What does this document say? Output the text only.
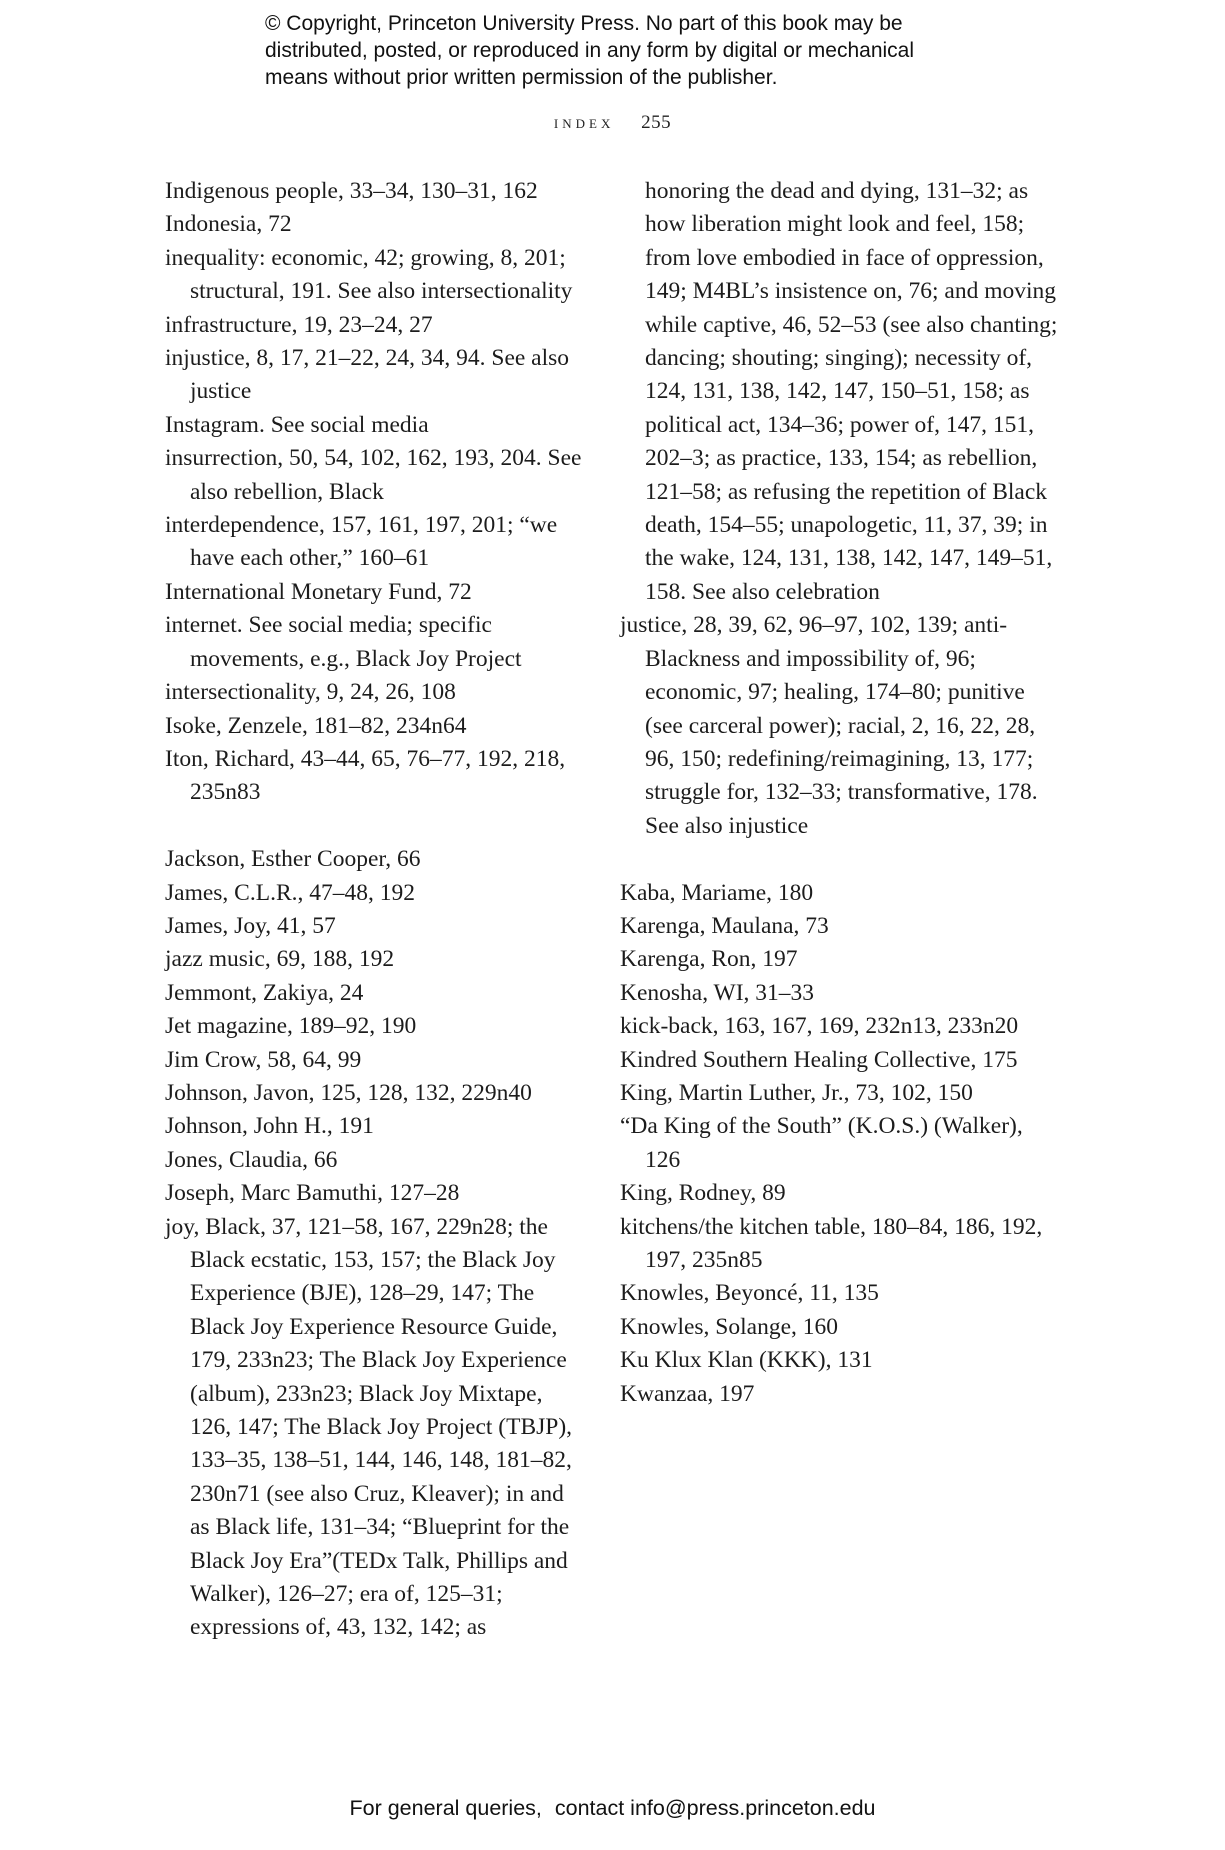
© Copyright, Princeton University Press. No part of this book may be
distributed, posted, or reproduced in any form by digital or mechanical
means without prior written permission of the publisher.
index 255
Indigenous people, 33–34, 130–31, 162
Indonesia, 72
inequality: economic, 42; growing, 8, 201; structural, 191. See also intersectionality
infrastructure, 19, 23–24, 27
injustice, 8, 17, 21–22, 24, 34, 94. See also justice
Instagram. See social media
insurrection, 50, 54, 102, 162, 193, 204. See also rebellion, Black
interdependence, 157, 161, 197, 201; “we have each other,” 160–61
International Monetary Fund, 72
internet. See social media; specific movements, e.g., Black Joy Project
intersectionality, 9, 24, 26, 108
Isoke, Zenzele, 181–82, 234n64
Iton, Richard, 43–44, 65, 76–77, 192, 218, 235n83
Jackson, Esther Cooper, 66
James, C.L.R., 47–48, 192
James, Joy, 41, 57
jazz music, 69, 188, 192
Jemmont, Zakiya, 24
Jet magazine, 189–92, 190
Jim Crow, 58, 64, 99
Johnson, Javon, 125, 128, 132, 229n40
Johnson, John H., 191
Jones, Claudia, 66
Joseph, Marc Bamuthi, 127–28
joy, Black, 37, 121–58, 167, 229n28; the Black ecstatic, 153, 157; the Black Joy Experience (BJE), 128–29, 147; The Black Joy Experience Resource Guide, 179, 233n23; The Black Joy Experience (album), 233n23; Black Joy Mixtape, 126, 147; The Black Joy Project (TBJP), 133–35, 138–51, 144, 146, 148, 181–82, 230n71 (see also Cruz, Kleaver); in and as Black life, 131–34; “Blueprint for the Black Joy Era”(TEDx Talk, Phillips and Walker), 126–27; era of, 125–31; expressions of, 43, 132, 142; as
honoring the dead and dying, 131–32; as how liberation might look and feel, 158; from love embodied in face of oppression, 149; M4BL’s insistence on, 76; and moving while captive, 46, 52–53 (see also chanting; dancing; shouting; singing); necessity of, 124, 131, 138, 142, 147, 150–51, 158; as political act, 134–36; power of, 147, 151, 202–3; as practice, 133, 154; as rebellion, 121–58; as refusing the repetition of Black death, 154–55; unapologetic, 11, 37, 39; in the wake, 124, 131, 138, 142, 147, 149–51, 158. See also celebration
justice, 28, 39, 62, 96–97, 102, 139; anti-Blackness and impossibility of, 96; economic, 97; healing, 174–80; punitive (see carceral power); racial, 2, 16, 22, 28, 96, 150; redefining/reimagining, 13, 177; struggle for, 132–33; transformative, 178. See also injustice
Kaba, Mariame, 180
Karenga, Maulana, 73
Karenga, Ron, 197
Kenosha, WI, 31–33
kick-back, 163, 167, 169, 232n13, 233n20
Kindred Southern Healing Collective, 175
King, Martin Luther, Jr., 73, 102, 150
“Da King of the South” (K.O.S.) (Walker), 126
King, Rodney, 89
kitchens/the kitchen table, 180–84, 186, 192, 197, 235n85
Knowles, Beyoncé, 11, 135
Knowles, Solange, 160
Ku Klux Klan (KKK), 131
Kwanzaa, 197
For general queries, contact info@press.princeton.edu
